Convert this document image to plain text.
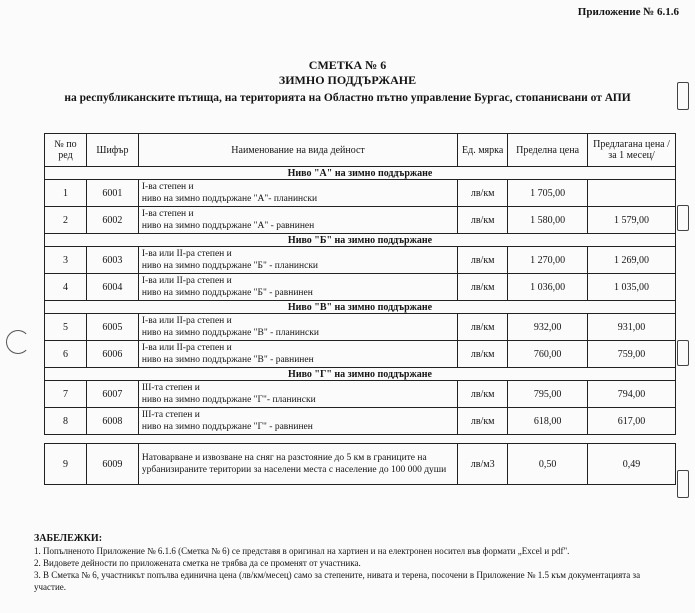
Приложение № 6.1.6
СМЕТКА № 6
ЗИМНО ПОДДЪРЖАНЕ
на республиканските пътища, на територията на Областно пътно управление Бургас, стопанисвани от АПИ
№ по ред	Шифър	Наименование на вида дейност	Ед. мярка	Пределна цена	Предлагана цена /за 1 месец/
Ниво "А" на зимно поддържане					
1	6001	I-ва степен и
ниво на зимно поддържане "А"- планински	лв/км	1 705,00	
2	6002	I-ва степен и
ниво на зимно поддържане "А" - равнинен	лв/км	1 580,00	1 579,00
Ниво "Б" на зимно поддържане					
3	6003	I-ва или II-ра степен и
ниво на зимно поддържане "Б" - планински	лв/км	1 270,00	1 269,00
4	6004	I-ва или II-ра степен и
ниво на зимно поддържане "Б" - равнинен	лв/км	1 036,00	1 035,00
Ниво "В" на зимно поддържане					
5	6005	I-ва или II-ра степен и
ниво на зимно поддържане "В" - планински	лв/км	932,00	931,00
6	6006	I-ва или II-ра степен и
ниво на зимно поддържане "В" - равнинен	лв/км	760,00	759,00
Ниво "Г" на зимно поддържане					
7	6007	III-та степен и
ниво на зимно поддържане "Г"- планински	лв/км	795,00	794,00
8	6008	III-та степен и
ниво на зимно поддържане "Г" - равнинен	лв/км	618,00	617,00

9	6009	Натоварване и извозване на сняг на разстояние до 5 км в границите на урбанизираните територии за населени места с население до 100 000 души	лв/м3	0,50	0,49
ЗАБЕЛЕЖКИ:
1. Попълненото Приложение № 6.1.6 (Сметка № 6) се представя в оригинал на хартиен и на електронен носител във формати „Excel и pdf".
2. Видовете дейности по приложената сметка не трябва да се променят от участника.
3. В Сметка № 6, участникът попълва единична цена (лв/км/месец) само за степените, нивата и терена, посочени в Приложение № 1.5 към документацията за участие.
